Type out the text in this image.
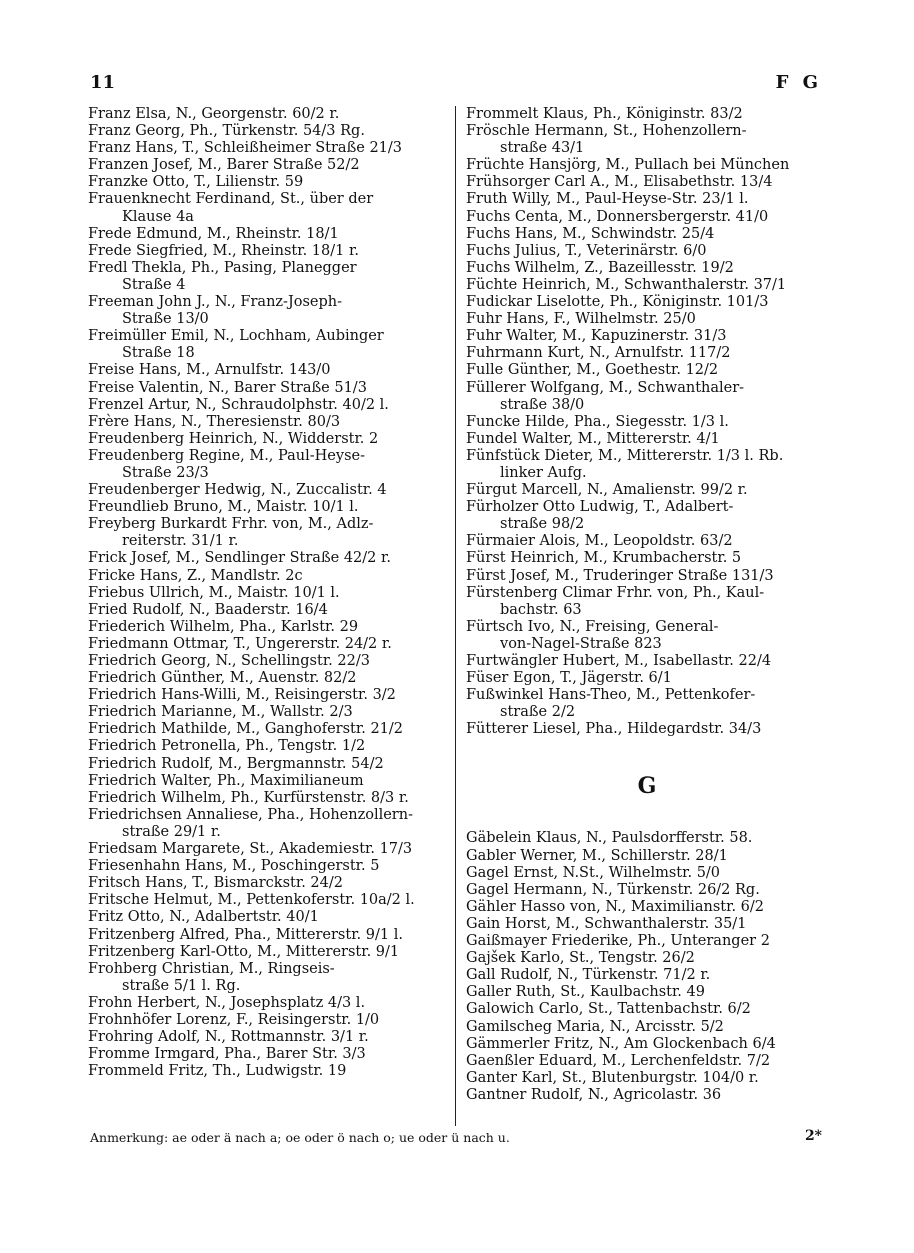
11	F G
Franz Elsa, N., Georgenstr. 60/2 r.
Franz Georg, Ph., Türkenstr. 54/3 Rg.
Franz Hans, T., Schleißheimer Straße 21/3
Franzen Josef, M., Barer Straße 52/2
Franzke Otto, T., Lilienstr. 59
Frauenknecht Ferdinand, St., über der
Klause 4a
Frede Edmund, M., Rheinstr. 18/1
Frede Siegfried, M., Rheinstr. 18/1 r.
Fredl Thekla, Ph., Pasing, Planegger
Straße 4
Freeman John J., N., Franz-Joseph-
Straße 13/0
Freimüller Emil, N., Lochham, Aubinger
Straße 18
Freise Hans, M., Arnulfstr. 143/0
Freise Valentin, N., Barer Straße 51/3
Frenzel Artur, N., Schraudolphstr. 40/2 l.
Frère Hans, N., Theresienstr. 80/3
Freudenberg Heinrich, N., Widderstr. 2
Freudenberg Regine, M., Paul-Heyse-
Straße 23/3
Freudenberger Hedwig, N., Zuccalistr. 4
Freundlieb Bruno, M., Maistr. 10/1 l.
Freyberg Burkardt Frhr. von, M., Adlz-
reiterstr. 31/1 r.
Frick Josef, M., Sendlinger Straße 42/2 r.
Fricke Hans, Z., Mandlstr. 2c
Friebus Ullrich, M., Maistr. 10/1 l.
Fried Rudolf, N., Baaderstr. 16/4
Friederich Wilhelm, Pha., Karlstr. 29
Friedmann Ottmar, T., Ungererstr. 24/2 r.
Friedrich Georg, N., Schellingstr. 22/3
Friedrich Günther, M., Auenstr. 82/2
Friedrich Hans-Willi, M., Reisingerstr. 3/2
Friedrich Marianne, M., Wallstr. 2/3
Friedrich Mathilde, M., Ganghoferstr. 21/2
Friedrich Petronella, Ph., Tengstr. 1/2
Friedrich Rudolf, M., Bergmannstr. 54/2
Friedrich Walter, Ph., Maximilianeum
Friedrich Wilhelm, Ph., Kurfürstenstr. 8/3 r.
Friedrichsen Annaliese, Pha., Hohenzollern-
straße 29/1 r.
Friedsam Margarete, St., Akademiestr. 17/3
Friesenhahn Hans, M., Poschingerstr. 5
Fritsch Hans, T., Bismarckstr. 24/2
Fritsche Helmut, M., Pettenkoferstr. 10a/2 l.
Fritz Otto, N., Adalbertstr. 40/1
Fritzenberg Alfred, Pha., Mittererstr. 9/1 l.
Fritzenberg Karl-Otto, M., Mittererstr. 9/1
Frohberg Christian, M., Ringseis-
straße 5/1 l. Rg.
Frohn Herbert, N., Josephsplatz 4/3 l.
Frohnhöfer Lorenz, F., Reisingerstr. 1/0
Frohring Adolf, N., Rottmannstr. 3/1 r.
Fromme Irmgard, Pha., Barer Str. 3/3
Frommeld Fritz, Th., Ludwigstr. 19
Frommelt Klaus, Ph., Königinstr. 83/2
Fröschle Hermann, St., Hohenzollern-
straße 43/1
Früchte Hansjörg, M., Pullach bei München
Frühsorger Carl A., M., Elisabethstr. 13/4
Fruth Willy, M., Paul-Heyse-Str. 23/1 l.
Fuchs Centa, M., Donnersbergerstr. 41/0
Fuchs Hans, M., Schwindstr. 25/4
Fuchs Julius, T., Veterinärstr. 6/0
Fuchs Wilhelm, Z., Bazeillesstr. 19/2
Füchte Heinrich, M., Schwanthalerstr. 37/1
Fudickar Liselotte, Ph., Königinstr. 101/3
Fuhr Hans, F., Wilhelmstr. 25/0
Fuhr Walter, M., Kapuzinerstr. 31/3
Fuhrmann Kurt, N., Arnulfstr. 117/2
Fulle Günther, M., Goethestr. 12/2
Füllerer Wolfgang, M., Schwanthaler-
straße 38/0
Funcke Hilde, Pha., Siegesstr. 1/3 l.
Fundel Walter, M., Mittererstr. 4/1
Fünfstück Dieter, M., Mittererstr. 1/3 l. Rb.
linker Aufg.
Fürgut Marcell, N., Amalienstr. 99/2 r.
Fürholzer Otto Ludwig, T., Adalbert-
straße 98/2
Fürmaier Alois, M., Leopoldstr. 63/2
Fürst Heinrich, M., Krumbacherstr. 5
Fürst Josef, M., Truderinger Straße 131/3
Fürstenberg Climar Frhr. von, Ph., Kaul-
bachstr. 63
Fürtsch Ivo, N., Freising, General-
von-Nagel-Straße 823
Furtwängler Hubert, M., Isabellastr. 22/4
Füser Egon, T., Jägerstr. 6/1
Fußwinkel Hans-Theo, M., Pettenkofer-
straße 2/2
Fütterer Liesel, Pha., Hildegardstr. 34/3
G
Gäbelein Klaus, N., Paulsdorfferstr. 58.
Gabler Werner, M., Schillerstr. 28/1
Gagel Ernst, N.St., Wilhelmstr. 5/0
Gagel Hermann, N., Türkenstr. 26/2 Rg.
Gähler Hasso von, N., Maximilianstr. 6/2
Gain Horst, M., Schwanthalerstr. 35/1
Gaißmayer Friederike, Ph., Unteranger 2
Gajšek Karlo, St., Tengstr. 26/2
Gall Rudolf, N., Türkenstr. 71/2 r.
Galler Ruth, St., Kaulbachstr. 49
Galowich Carlo, St., Tattenbachstr. 6/2
Gamilscheg Maria, N., Arcisstr. 5/2
Gämmerler Fritz, N., Am Glockenbach 6/4
Gaenßler Eduard, M., Lerchenfeldstr. 7/2
Ganter Karl, St., Blutenburgstr. 104/0 r.
Gantner Rudolf, N., Agricolastr. 36
Anmerkung: ae oder ä nach a; oe oder ö nach o; ue oder ü nach u.	2*
